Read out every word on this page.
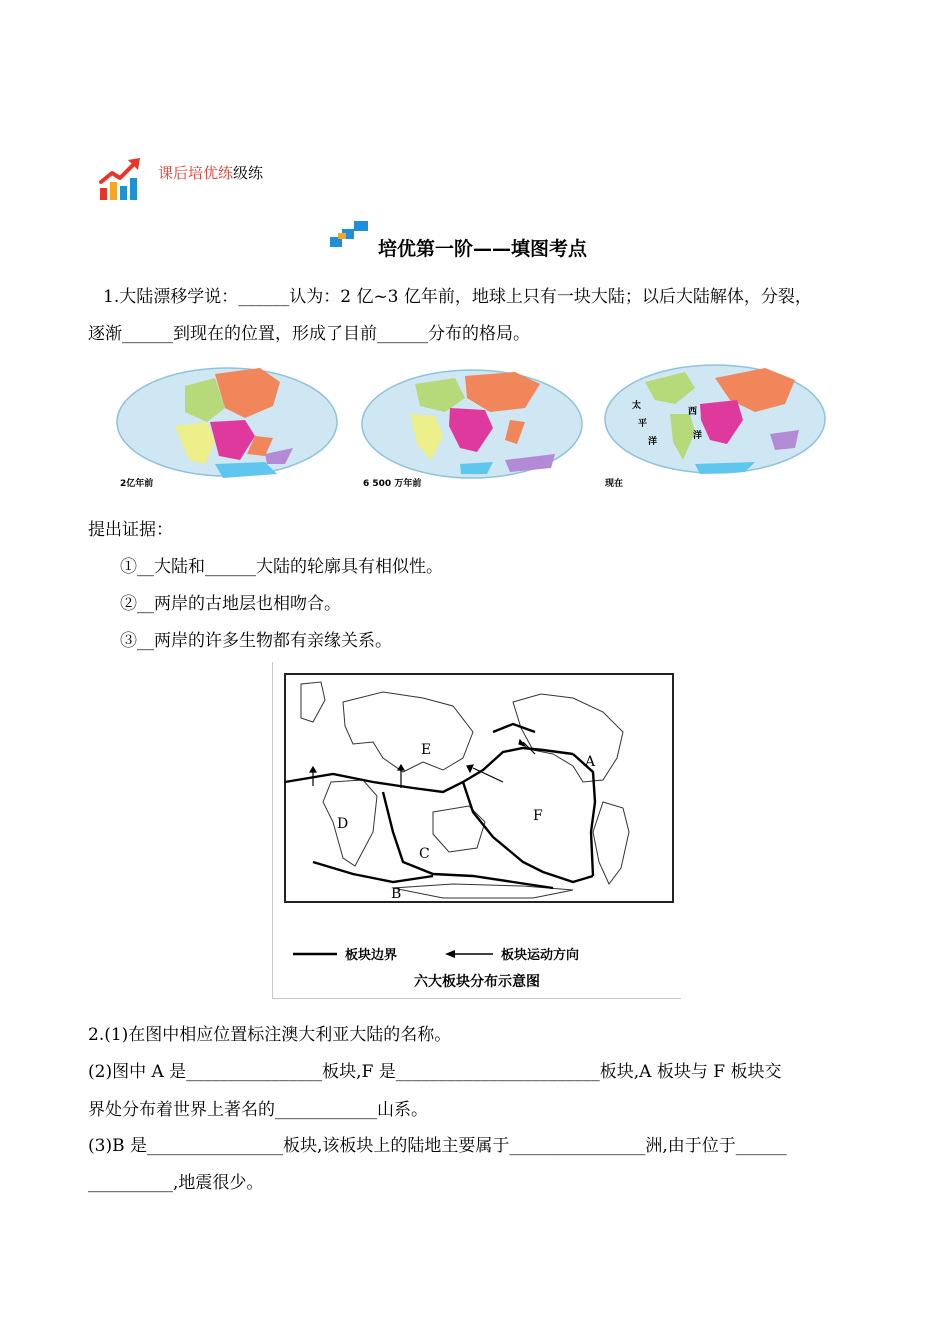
课后培优练级练
培优第一阶——填图考点
1.大陆漂移学说：______认为：2 亿~3 亿年前，地球上只有一块大陆；以后大陆解体，分裂，
逐渐______到现在的位置，形成了目前______分布的格局。
2亿年前	6 500 万年前
太
平
洋
西
洋
现在
提出证据：
①__大陆和______大陆的轮廓具有相似性。
②__两岸的古地层也相吻合。
③__两岸的许多生物都有亲缘关系。
A
B
C
D
E
F
板块边界	板块运动方向
六大板块分布示意图
2.(1)在图中相应位置标注澳大利亚大陆的名称。
(2)图中 A 是________________板块,F 是________________________板块,A 板块与 F 板块交
界处分布着世界上著名的____________山系。
(3)B 是________________板块,该板块上的陆地主要属于________________洲,由于位于______
__________,地震很少。
